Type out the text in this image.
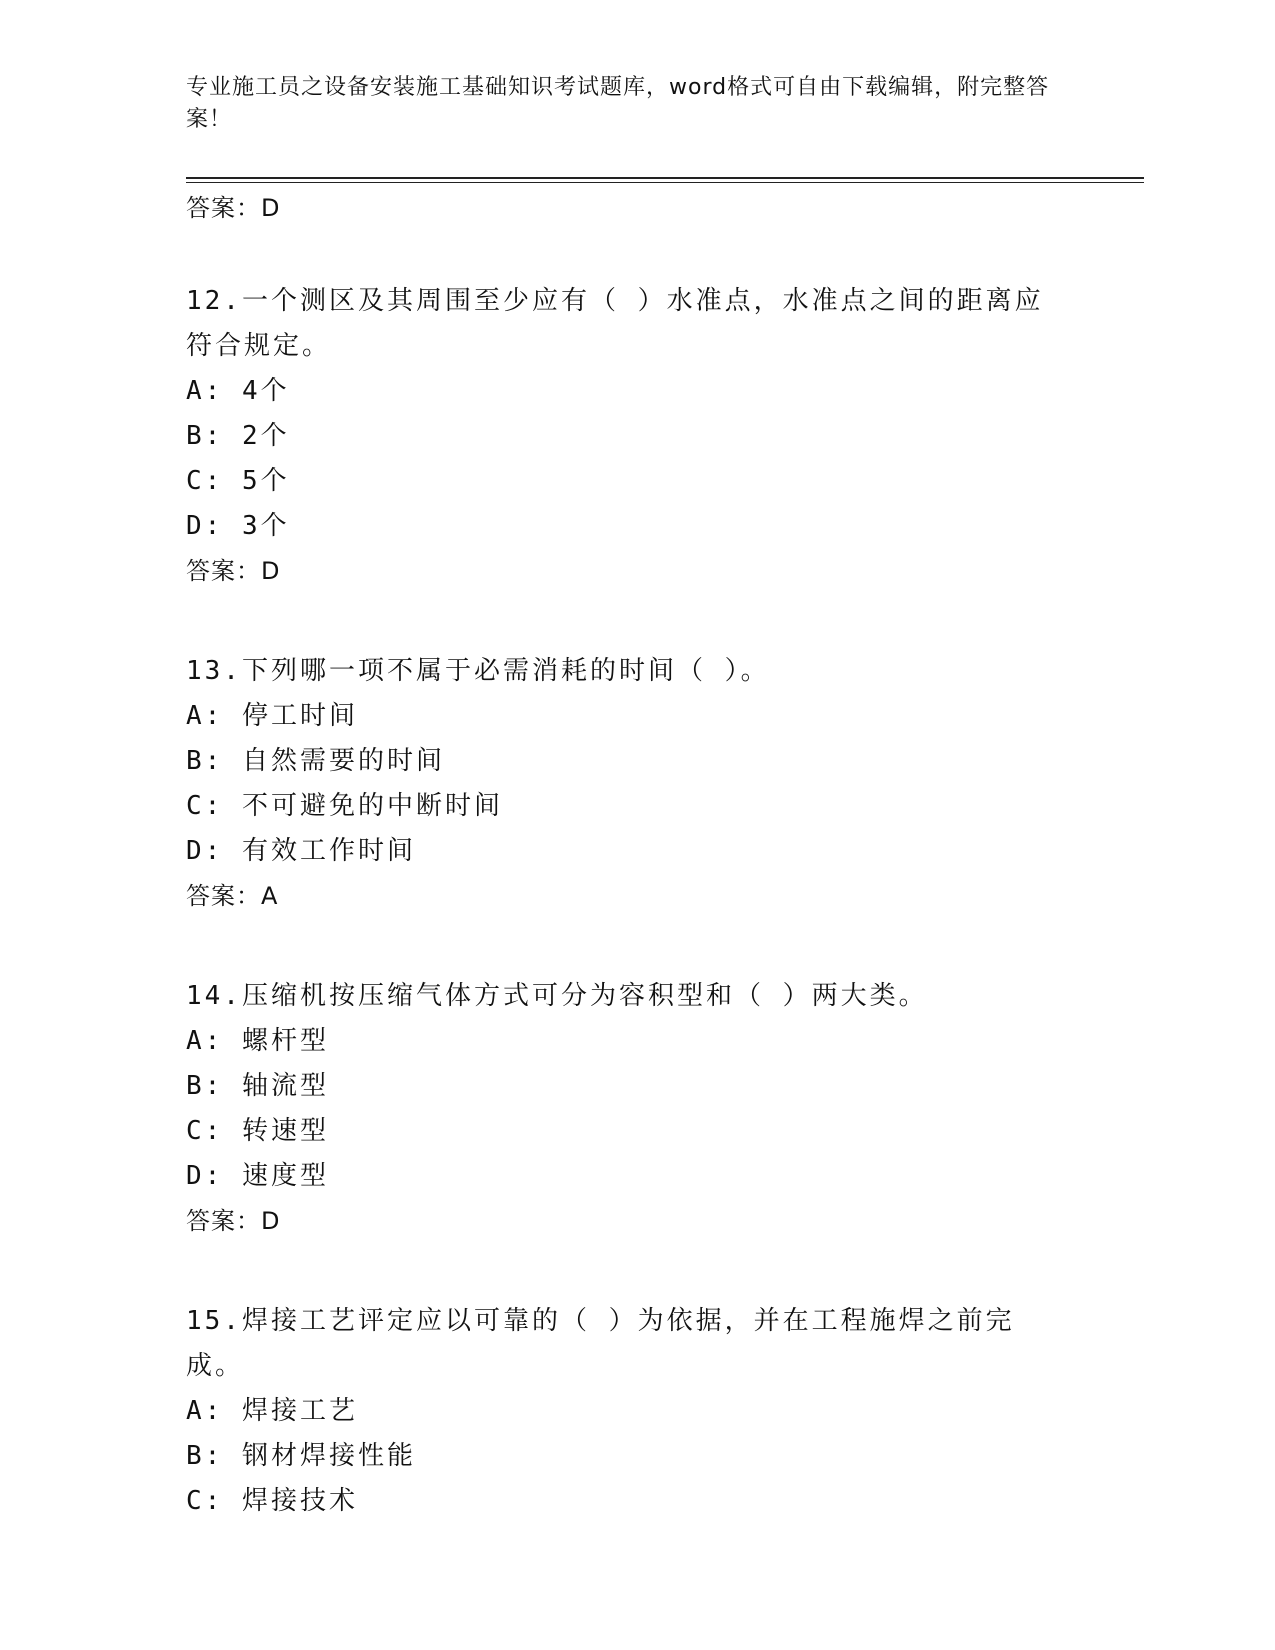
专业施工员之设备安装施工基础知识考试题库，word格式可自由下载编辑，附完整答案！
答案：D
12.一个测区及其周围至少应有（ ）水准点，水准点之间的距离应符合规定。
A: 4个
B: 2个
C: 5个
D: 3个
答案：D
13.下列哪一项不属于必需消耗的时间（ ）。
A: 停工时间
B: 自然需要的时间
C: 不可避免的中断时间
D: 有效工作时间
答案：A
14.压缩机按压缩气体方式可分为容积型和（ ）两大类。
A: 螺杆型
B: 轴流型
C: 转速型
D: 速度型
答案：D
15.焊接工艺评定应以可靠的（ ）为依据，并在工程施焊之前完成。
A: 焊接工艺
B: 钢材焊接性能
C: 焊接技术
